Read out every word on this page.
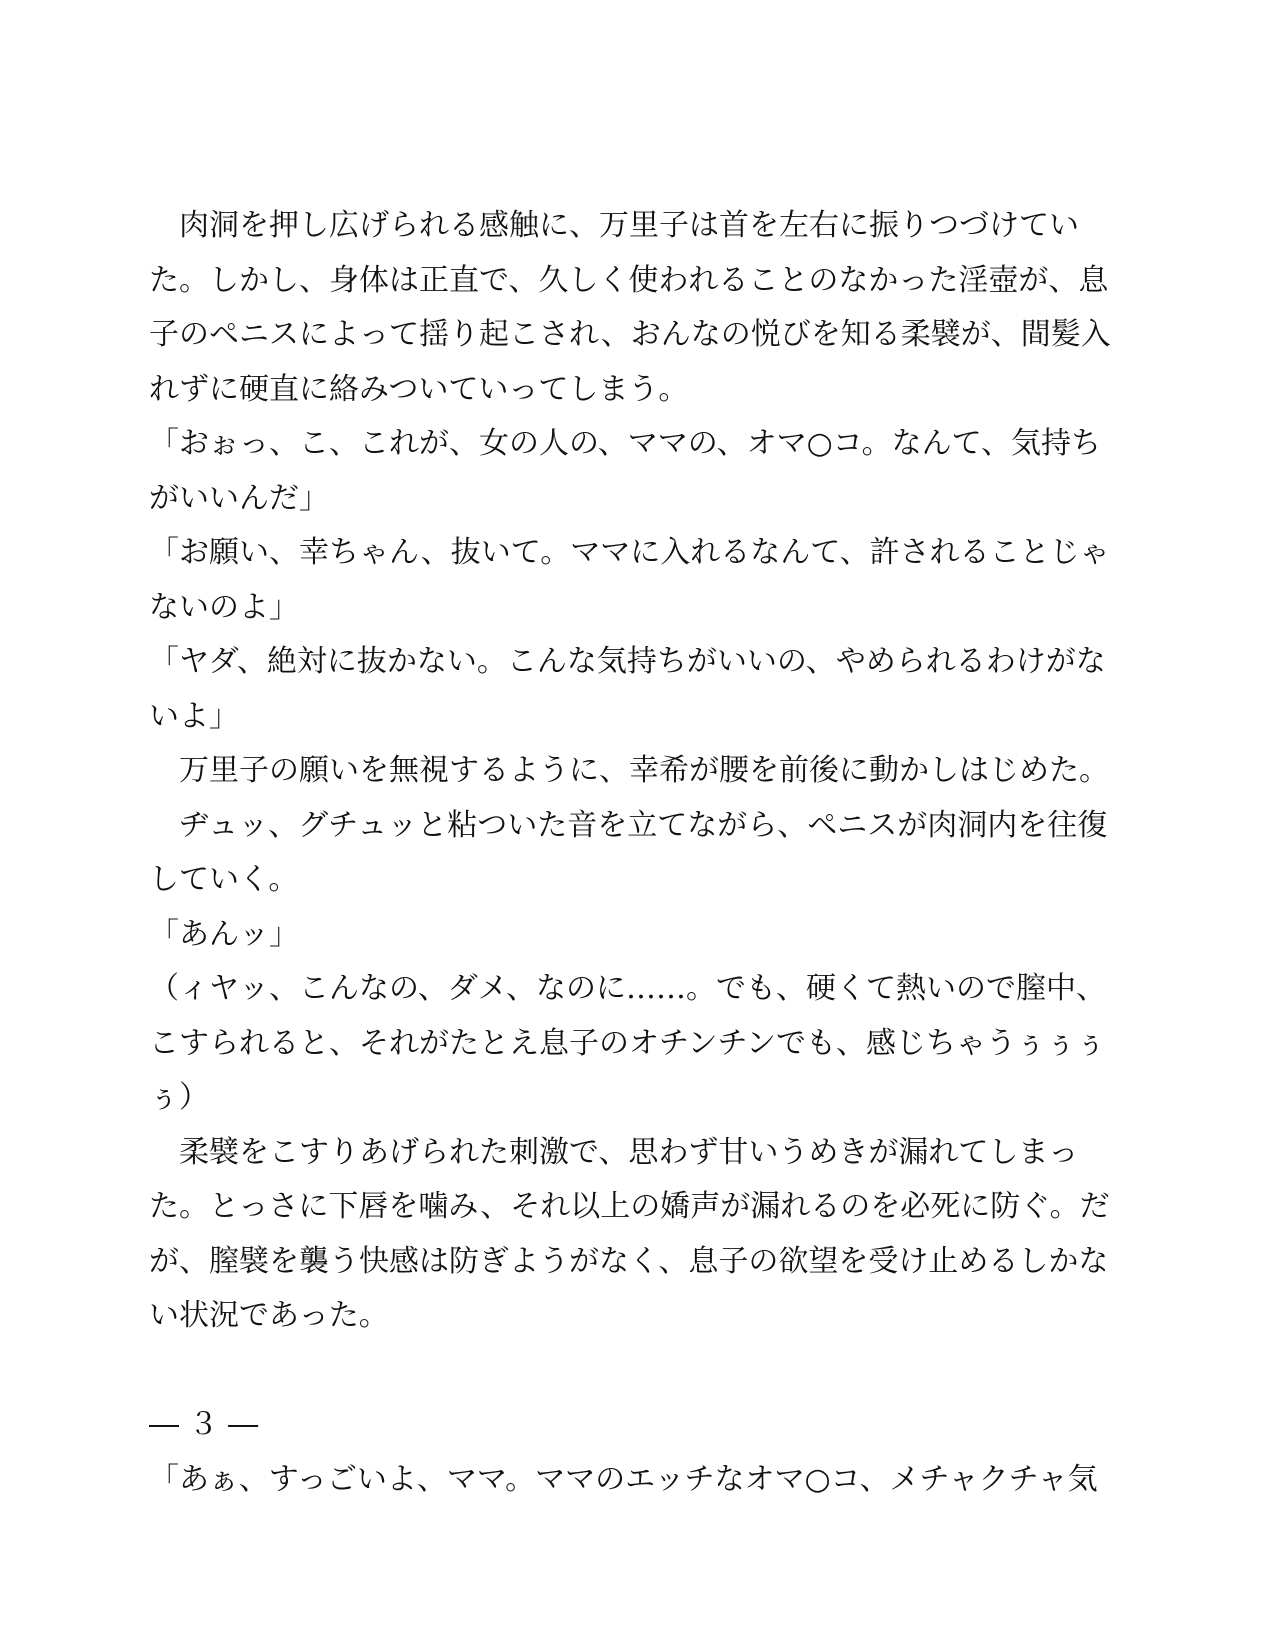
　肉洞を押し広げられる感触に、万里子は首を左右に振りつづけてい
た。しかし、身体は正直で、久しく使われることのなかった淫壺が、息
子のペニスによって揺り起こされ、おんなの悦びを知る柔襞が、間髪入
れずに硬直に絡みついていってしまう。
「おぉっ、こ、これが、女の人の、ママの、オマ○コ。なんて、気持ち
がいいんだ」
「お願い、幸ちゃん、抜いて。ママに入れるなんて、許されることじゃ
ないのよ」
「ヤダ、絶対に抜かない。こんな気持ちがいいの、やめられるわけがな
いよ」
　万里子の願いを無視するように、幸希が腰を前後に動かしはじめた。
　ヂュッ、グチュッと粘ついた音を立てながら、ペニスが肉洞内を往復
していく。
「あんッ」
（ィヤッ、こんなの、ダメ、なのに……。でも、硬くて熱いので膣中、
こすられると、それがたとえ息子のオチンチンでも、感じちゃうぅぅぅ
ぅ）
　柔襞をこすりあげられた刺激で、思わず甘いうめきが漏れてしまっ
た。とっさに下唇を噛み、それ以上の嬌声が漏れるのを必死に防ぐ。だ
が、膣襞を襲う快感は防ぎようがなく、息子の欲望を受け止めるしかな
い状況であった。
― ３ ―
「あぁ、すっごいよ、ママ。ママのエッチなオマ○コ、メチャクチャ気
